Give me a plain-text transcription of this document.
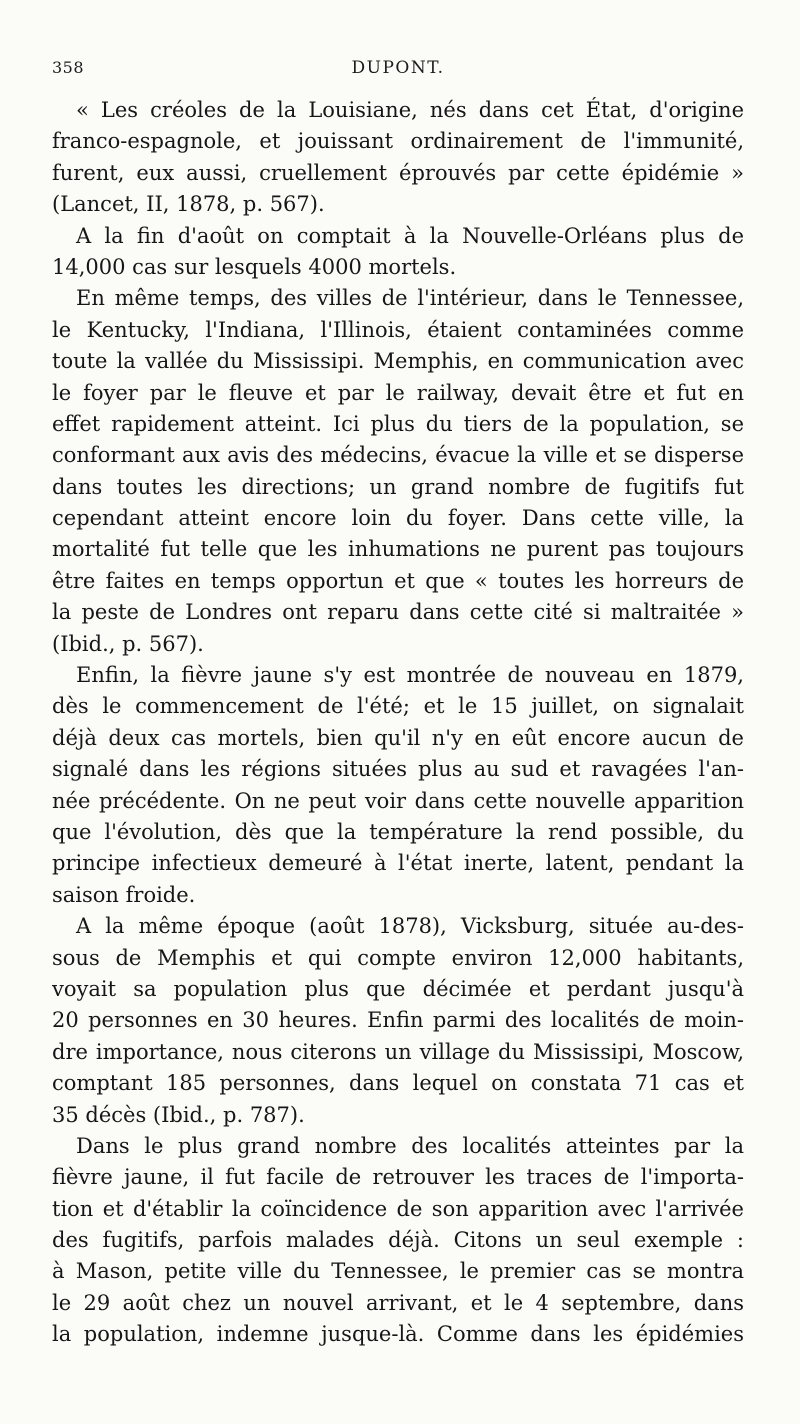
358	DUPONT.
« Les créoles de la Louisiane, nés dans cet État, d'origine
franco-espagnole, et jouissant ordinairement de l'immunité,
furent, eux aussi, cruellement éprouvés par cette épidémie »
(Lancet, II, 1878, p. 567).
A la fin d'août on comptait à la Nouvelle-Orléans plus de
14,000 cas sur lesquels 4000 mortels.
En même temps, des villes de l'intérieur, dans le Tennessee,
le Kentucky, l'Indiana, l'Illinois, étaient contaminées comme
toute la vallée du Mississipi. Memphis, en communication avec
le foyer par le fleuve et par le railway, devait être et fut en
effet rapidement atteint. Ici plus du tiers de la population, se
conformant aux avis des médecins, évacue la ville et se disperse
dans toutes les directions; un grand nombre de fugitifs fut
cependant atteint encore loin du foyer. Dans cette ville, la
mortalité fut telle que les inhumations ne purent pas toujours
être faites en temps opportun et que « toutes les horreurs de
la peste de Londres ont reparu dans cette cité si maltraitée »
(Ibid., p. 567).
Enfin, la fièvre jaune s'y est montrée de nouveau en 1879,
dès le commencement de l'été; et le 15 juillet, on signalait
déjà deux cas mortels, bien qu'il n'y en eût encore aucun de
signalé dans les régions situées plus au sud et ravagées l'an-
née précédente. On ne peut voir dans cette nouvelle apparition
que l'évolution, dès que la température la rend possible, du
principe infectieux demeuré à l'état inerte, latent, pendant la
saison froide.
A la même époque (août 1878), Vicksburg, située au-des-
sous de Memphis et qui compte environ 12,000 habitants,
voyait sa population plus que décimée et perdant jusqu'à
20 personnes en 30 heures. Enfin parmi des localités de moin-
dre importance, nous citerons un village du Mississipi, Moscow,
comptant 185 personnes, dans lequel on constata 71 cas et
35 décès (Ibid., p. 787).
Dans le plus grand nombre des localités atteintes par la
fièvre jaune, il fut facile de retrouver les traces de l'importa-
tion et d'établir la coïncidence de son apparition avec l'arrivée
des fugitifs, parfois malades déjà. Citons un seul exemple :
à Mason, petite ville du Tennessee, le premier cas se montra
le 29 août chez un nouvel arrivant, et le 4 septembre, dans
la population, indemne jusque-là. Comme dans les épidémies
